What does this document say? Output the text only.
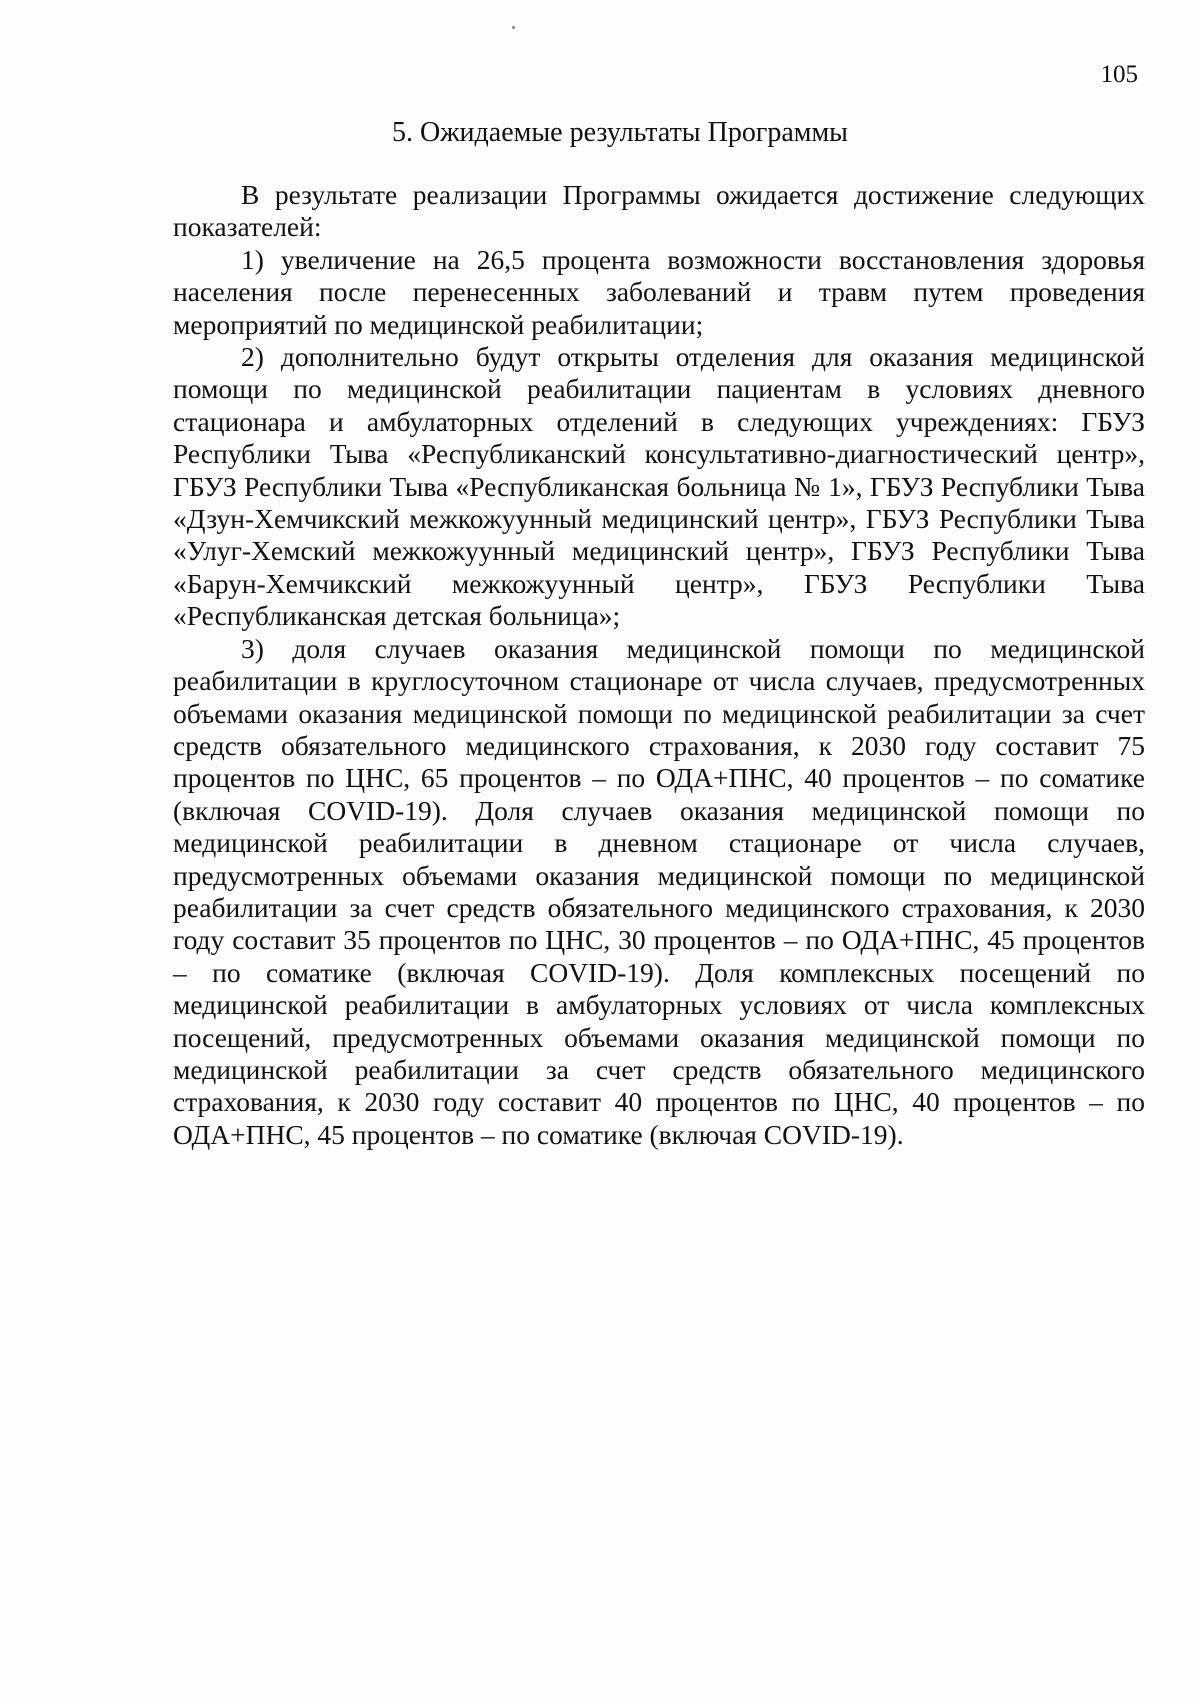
105
5. Ожидаемые результаты Программы

В результате реализации Программы ожидается достижение следующих показателей:

1) увеличение на 26,5 процента возможности восстановления здоровья населения после перенесенных заболеваний и травм путем проведения мероприятий по медицинской реабилитации;

2) дополнительно будут открыты отделения для оказания медицинской помощи по медицинской реабилитации пациентам в условиях дневного стационара и амбулаторных отделений в следующих учреждениях: ГБУЗ Республики Тыва «Республиканский консультативно-диагностический центр», ГБУЗ Республики Тыва «Республиканская больница № 1», ГБУЗ Республики Тыва «Дзун-Хемчикский межкожуунный медицинский центр», ГБУЗ Республики Тыва «Улуг-Хемский межкожуунный медицинский центр», ГБУЗ Республики Тыва «Барун-Хемчикский межкожуунный центр», ГБУЗ Республики Тыва «Республиканская детская больница»;

3) доля случаев оказания медицинской помощи по медицинской реабилитации в круглосуточном стационаре от числа случаев, предусмотренных объемами оказания медицинской помощи по медицинской реабилитации за счет средств обязательного медицинского страхования, к 2030 году составит 75 процентов по ЦНС, 65 процентов – по ОДА+ПНС, 40 процентов – по соматике (включая COVID-19). Доля случаев оказания медицинской помощи по медицинской реабилитации в дневном стационаре от числа случаев, предусмотренных объемами оказания медицинской помощи по медицинской реабилитации за счет средств обязательного медицинского страхования, к 2030 году составит 35 процентов по ЦНС, 30 процентов – по ОДА+ПНС, 45 процентов – по соматике (включая COVID-19). Доля комплексных посещений по медицинской реабилитации в амбулаторных условиях от числа комплексных посещений, предусмотренных объемами оказания медицинской помощи по медицинской реабилитации за счет средств обязательного медицинского страхования, к 2030 году составит 40 процентов по ЦНС, 40 процентов – по ОДА+ПНС, 45 процентов – по соматике (включая COVID-19).
